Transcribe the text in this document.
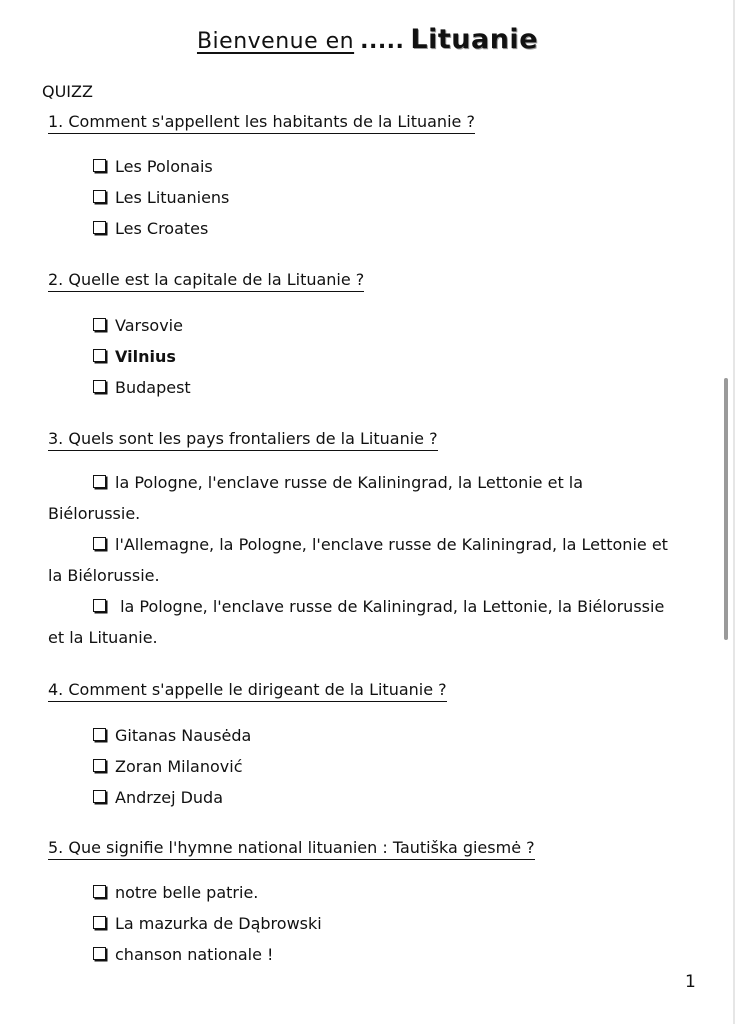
Bienvenue en ..... Lituanie
QUIZZ
1. Comment s'appellent les habitants de la Lituanie ?
Les Polonais
Les Lituaniens
Les Croates
2. Quelle est la capitale de la Lituanie ?
Varsovie
Vilnius
Budapest
3. Quels sont les pays frontaliers de la Lituanie ?
la Pologne, l'enclave russe de Kaliningrad, la Lettonie et la Biélorussie.
l'Allemagne, la Pologne, l'enclave russe de Kaliningrad, la Lettonie et la Biélorussie.
la Pologne, l'enclave russe de Kaliningrad, la Lettonie, la Biélorussie et la Lituanie.
4. Comment s'appelle le dirigeant de la Lituanie ?
Gitanas Nausėda
Zoran Milanović
Andrzej Duda
5. Que signifie l'hymne national lituanien : Tautiška giesmė ?
notre belle patrie.
La mazurka de Dąbrowski
chanson nationale !
1
